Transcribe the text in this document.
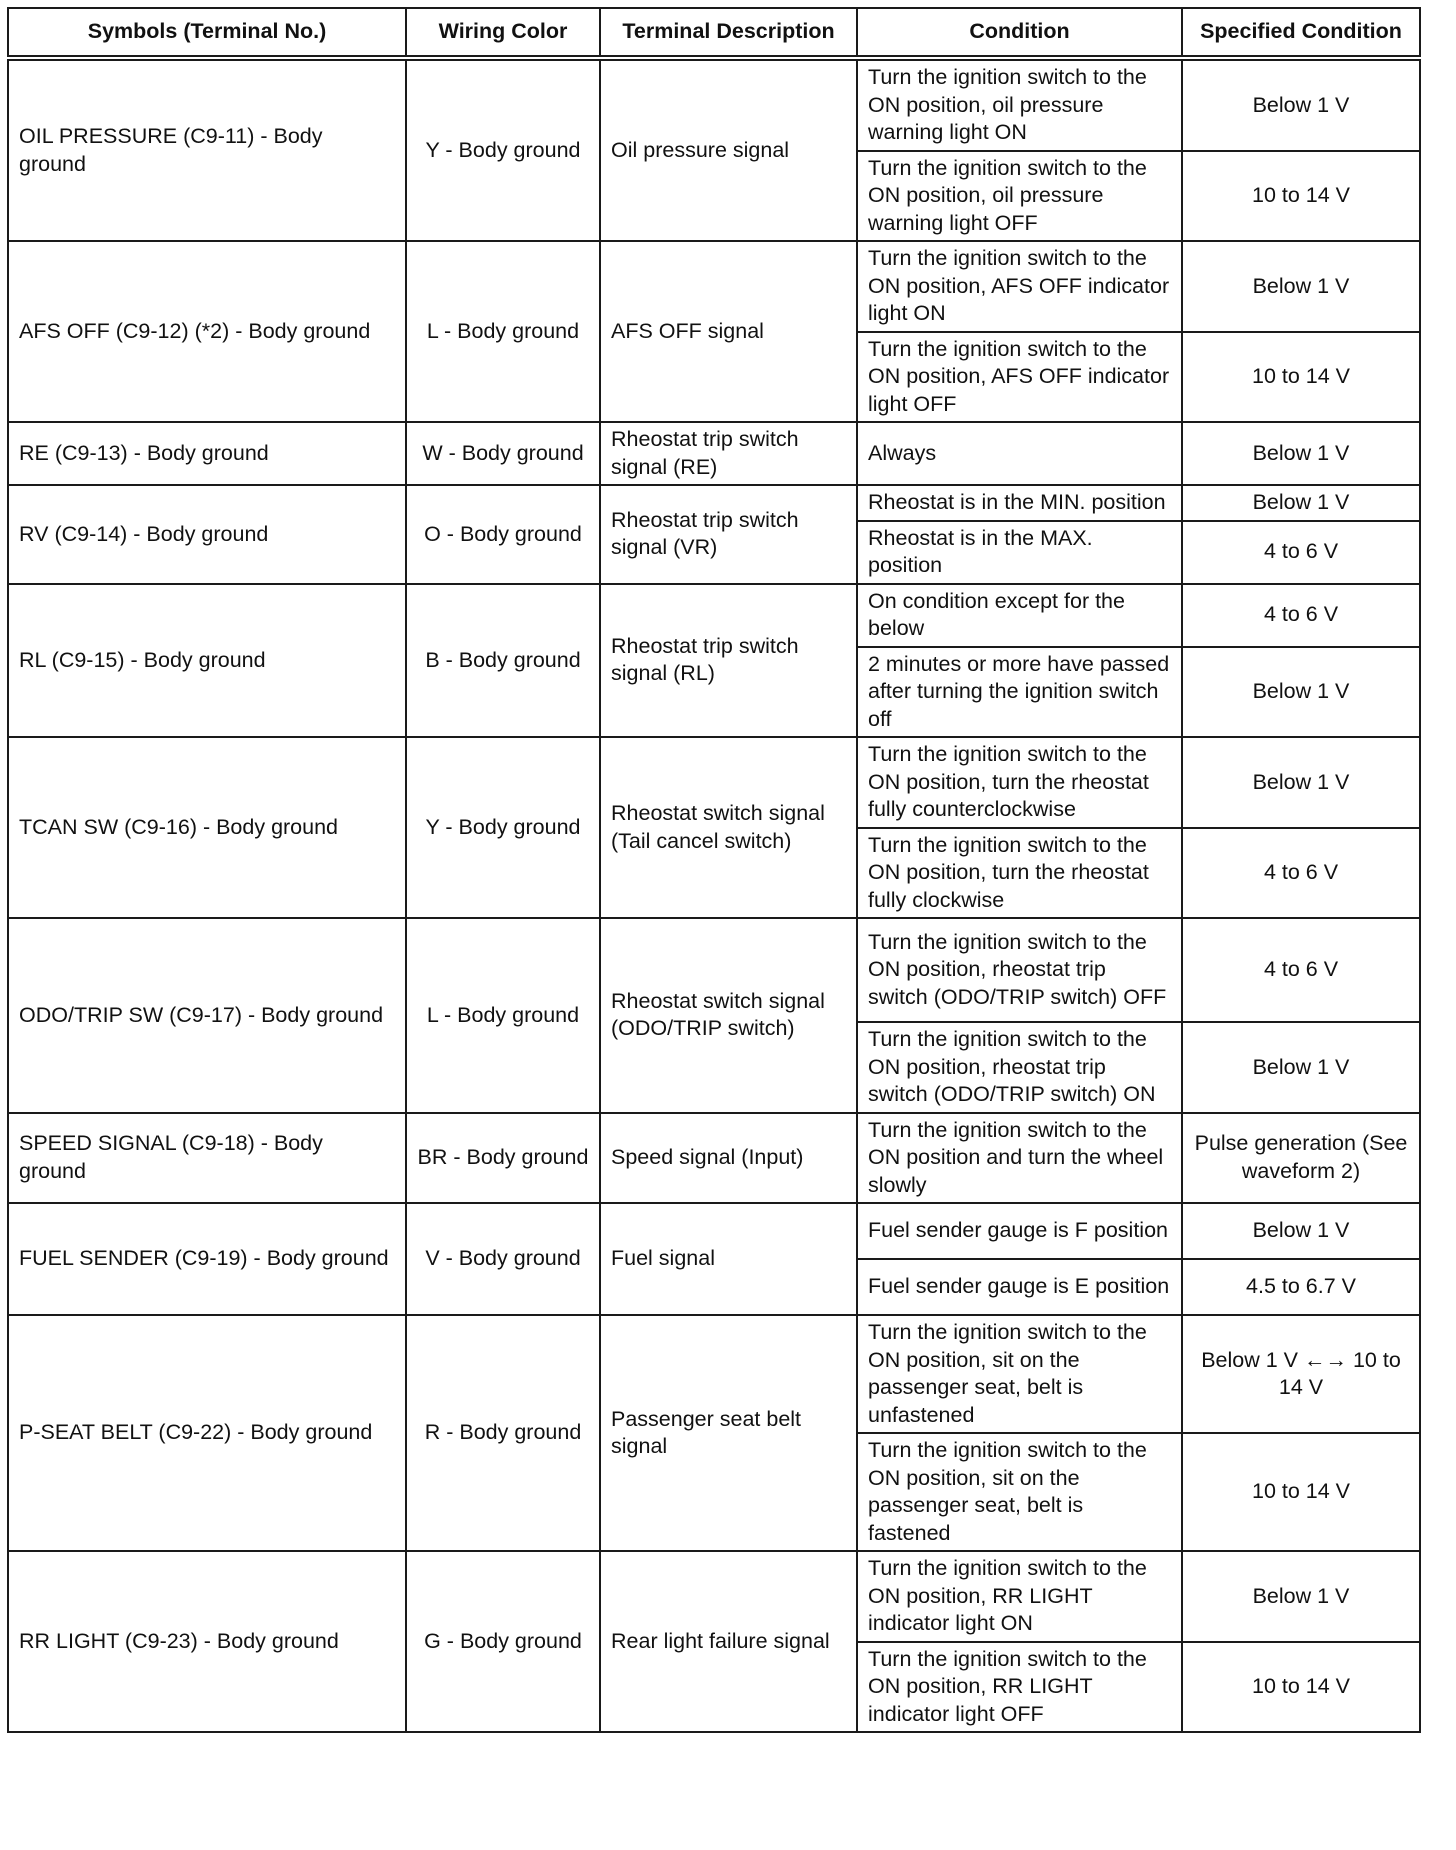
Symbols (Terminal No.)	Wiring Color	Terminal Description	Condition	Specified Condition
OIL PRESSURE (C9-11) - Body ground	Y - Body ground	Oil pressure signal	Turn the ignition switch to the ON position, oil pressure warning light ON	Below 1 V
			Turn the ignition switch to the ON position, oil pressure warning light OFF	10 to 14 V
AFS OFF (C9-12) (*2) - Body ground	L - Body ground	AFS OFF signal	Turn the ignition switch to the ON position, AFS OFF indicator light ON	Below 1 V
			Turn the ignition switch to the ON position, AFS OFF indicator light OFF	10 to 14 V
RE (C9-13) - Body ground	W - Body ground	Rheostat trip switch signal (RE)	Always	Below 1 V
RV (C9-14) - Body ground	O - Body ground	Rheostat trip switch signal (VR)	Rheostat is in the MIN. position	Below 1 V
			Rheostat is in the MAX. position	4 to 6 V
RL (C9-15) - Body ground	B - Body ground	Rheostat trip switch signal (RL)	On condition except for the below	4 to 6 V
			2 minutes or more have passed after turning the ignition switch off	Below 1 V
TCAN SW (C9-16) - Body ground	Y - Body ground	Rheostat switch signal (Tail cancel switch)	Turn the ignition switch to the ON position, turn the rheostat fully counterclockwise	Below 1 V
			Turn the ignition switch to the ON position, turn the rheostat fully clockwise	4 to 6 V
ODO/TRIP SW (C9-17) - Body ground	L - Body ground	Rheostat switch signal (ODO/TRIP switch)	Turn the ignition switch to the ON position, rheostat trip switch (ODO/TRIP switch) OFF	4 to 6 V
			Turn the ignition switch to the ON position, rheostat trip switch (ODO/TRIP switch) ON	Below 1 V
SPEED SIGNAL (C9-18) - Body ground	BR - Body ground	Speed signal (Input)	Turn the ignition switch to the ON position and turn the wheel slowly	Pulse generation (See waveform 2)
FUEL SENDER (C9-19) - Body ground	V - Body ground	Fuel signal	Fuel sender gauge is F position	Below 1 V
			Fuel sender gauge is E position	4.5 to 6.7 V
P-SEAT BELT (C9-22) - Body ground	R - Body ground	Passenger seat belt signal	Turn the ignition switch to the ON position, sit on the passenger seat, belt is unfastened	Below 1 V ←→ 10 to 14 V
			Turn the ignition switch to the ON position, sit on the passenger seat, belt is fastened	10 to 14 V
RR LIGHT (C9-23) - Body ground	G - Body ground	Rear light failure signal	Turn the ignition switch to the ON position, RR LIGHT indicator light ON	Below 1 V
			Turn the ignition switch to the ON position, RR LIGHT indicator light OFF	10 to 14 V
